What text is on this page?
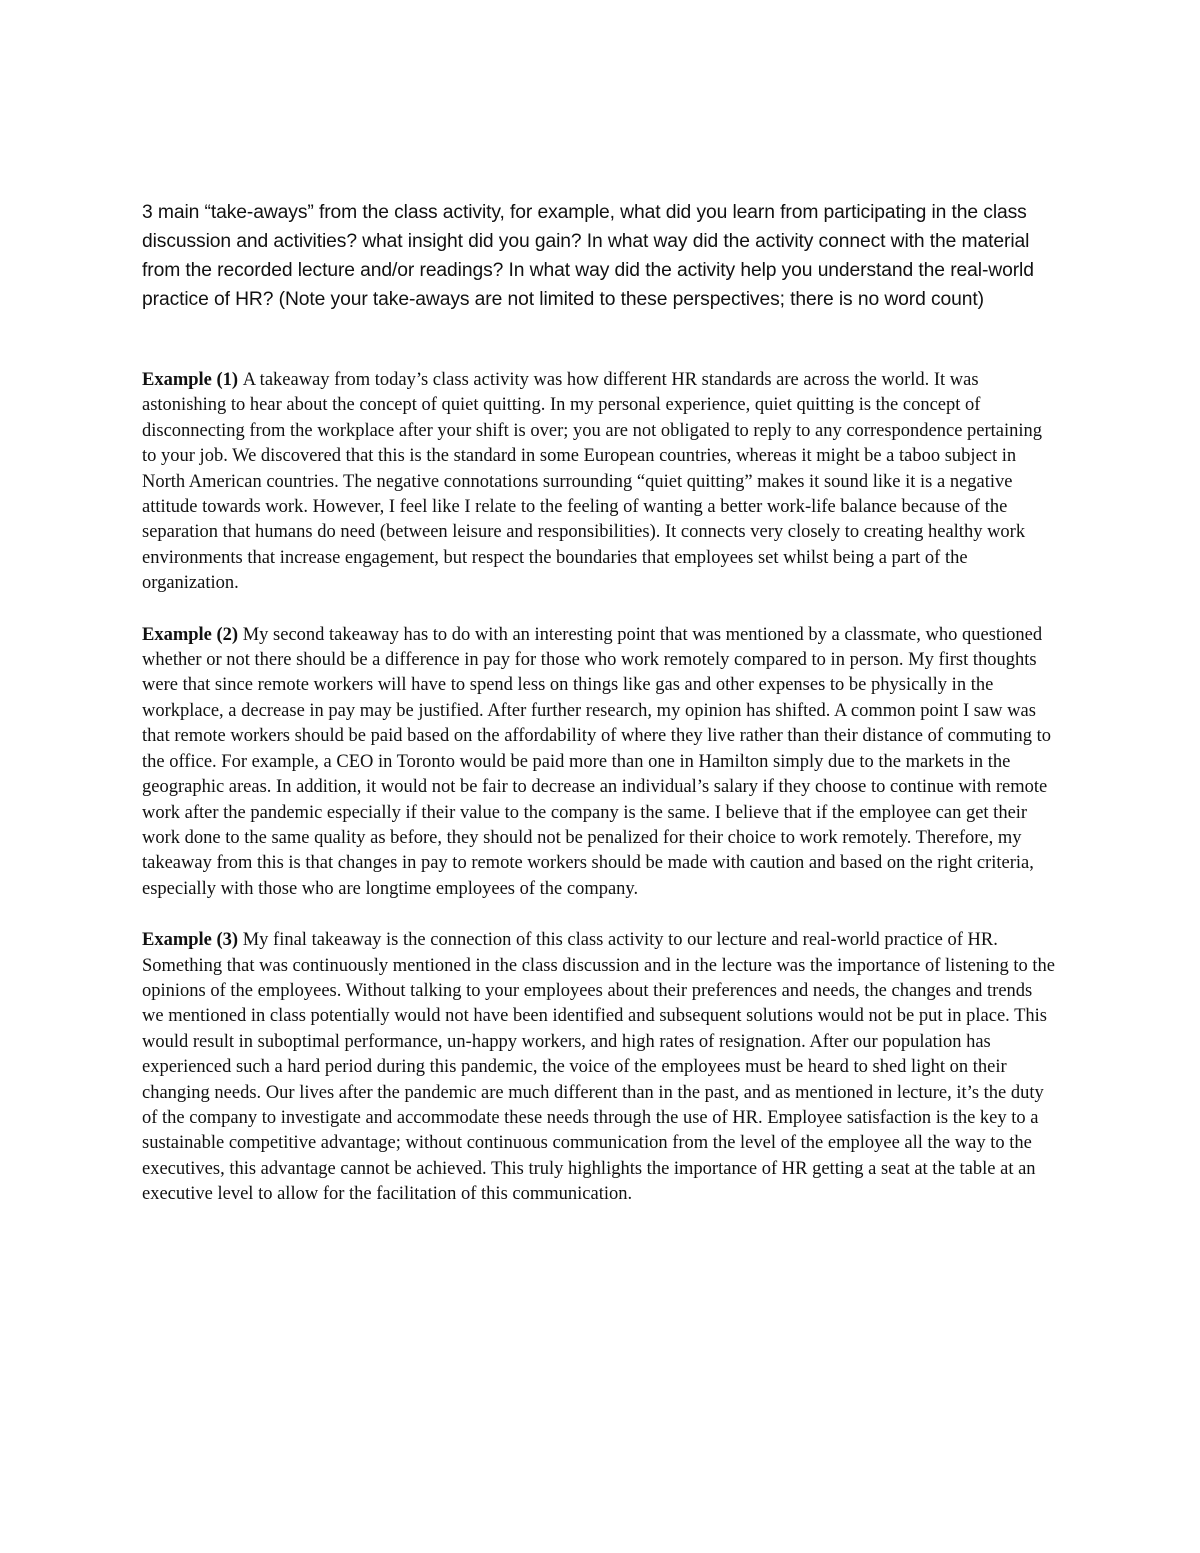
3 main “take-aways” from the class activity, for example, what did you learn from participating in the class discussion and activities? what insight did you gain? In what way did the activity connect with the material from the recorded lecture and/or readings? In what way did the activity help you understand the real-world practice of HR? (Note your take-aways are not limited to these perspectives; there is no word count)

Example (1) A takeaway from today’s class activity was how different HR standards are across the world. It was astonishing to hear about the concept of quiet quitting. In my personal experience, quiet quitting is the concept of disconnecting from the workplace after your shift is over; you are not obligated to reply to any correspondence pertaining to your job. We discovered that this is the standard in some European countries, whereas it might be a taboo subject in North American countries. The negative connotations surrounding “quiet quitting” makes it sound like it is a negative attitude towards work. However, I feel like I relate to the feeling of wanting a better work-life balance because of the separation that humans do need (between leisure and responsibilities). It connects very closely to creating healthy work environments that increase engagement, but respect the boundaries that employees set whilst being a part of the organization.

Example (2) My second takeaway has to do with an interesting point that was mentioned by a classmate, who questioned whether or not there should be a difference in pay for those who work remotely compared to in person. My first thoughts were that since remote workers will have to spend less on things like gas and other expenses to be physically in the workplace, a decrease in pay may be justified. After further research, my opinion has shifted. A common point I saw was that remote workers should be paid based on the affordability of where they live rather than their distance of commuting to the office. For example, a CEO in Toronto would be paid more than one in Hamilton simply due to the markets in the geographic areas. In addition, it would not be fair to decrease an individual’s salary if they choose to continue with remote work after the pandemic especially if their value to the company is the same. I believe that if the employee can get their work done to the same quality as before, they should not be penalized for their choice to work remotely. Therefore, my takeaway from this is that changes in pay to remote workers should be made with caution and based on the right criteria, especially with those who are longtime employees of the company.

Example (3) My final takeaway is the connection of this class activity to our lecture and real-world practice of HR. Something that was continuously mentioned in the class discussion and in the lecture was the importance of listening to the opinions of the employees. Without talking to your employees about their preferences and needs, the changes and trends we mentioned in class potentially would not have been identified and subsequent solutions would not be put in place. This would result in suboptimal performance, un-happy workers, and high rates of resignation. After our population has experienced such a hard period during this pandemic, the voice of the employees must be heard to shed light on their changing needs. Our lives after the pandemic are much different than in the past, and as mentioned in lecture, it’s the duty of the company to investigate and accommodate these needs through the use of HR. Employee satisfaction is the key to a sustainable competitive advantage; without continuous communication from the level of the employee all the way to the executives, this advantage cannot be achieved. This truly highlights the importance of HR getting a seat at the table at an executive level to allow for the facilitation of this communication.
